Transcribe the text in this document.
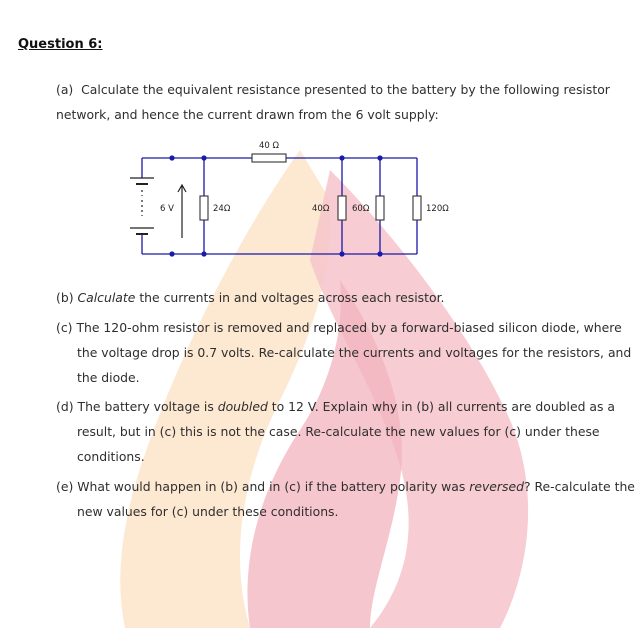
Question 6:
(a) Calculate the equivalent resistance presented to the battery by the following resistor network, and hence the current drawn from the 6 volt supply:
40 Ω
6 V	24Ω	40Ω	60Ω	120Ω
(b) Calculate the currents in and voltages across each resistor.
(c) The 120-ohm resistor is removed and replaced by a forward-biased silicon diode, where the voltage drop is 0.7 volts. Re-calculate the currents and voltages for the resistors, and the diode.
(d) The battery voltage is doubled to 12 V. Explain why in (b) all currents are doubled as a result, but in (c) this is not the case. Re-calculate the new values for (c) under these conditions.
(e) What would happen in (b) and in (c) if the battery polarity was reversed? Re-calculate the new values for (c) under these conditions.
